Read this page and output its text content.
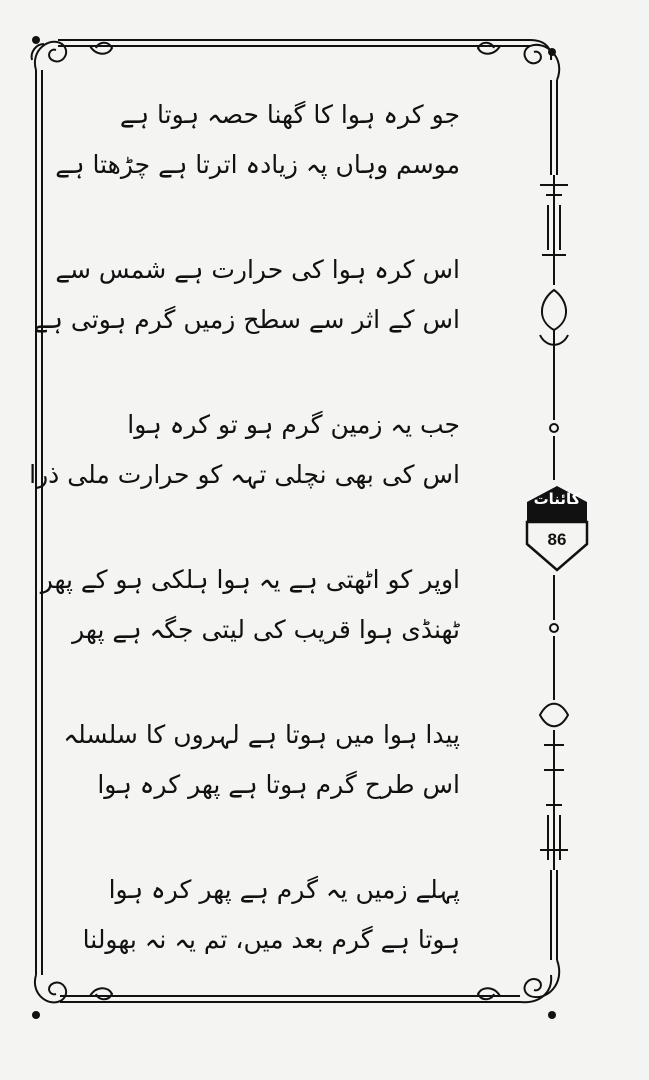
جو کرہ ہوا کا گھنا حصہ ہوتا ہے
موسم وہاں پہ زیادہ اترتا ہے چڑھتا ہے
اس کرہ ہوا کی حرارت ہے شمس سے
اس کے اثر سے سطح زمیں گرم ہوتی ہے
جب یہ زمین گرم ہو تو کرہ ہوا
اس کی بھی نچلی تہہ کو حرارت ملی ذرا
اوپر کو اٹھتی ہے یہ ہوا ہلکی ہو کے پھر
ٹھنڈی ہوا قریب کی لیتی جگہ ہے پھر
پیدا ہوا میں ہوتا ہے لہروں کا سلسلہ
اس طرح گرم ہوتا ہے پھر کرہ ہوا
پہلے زمیں یہ گرم ہے پھر کرہ ہوا
ہوتا ہے گرم بعد میں، تم یہ نہ بھولنا
کائنات
86
